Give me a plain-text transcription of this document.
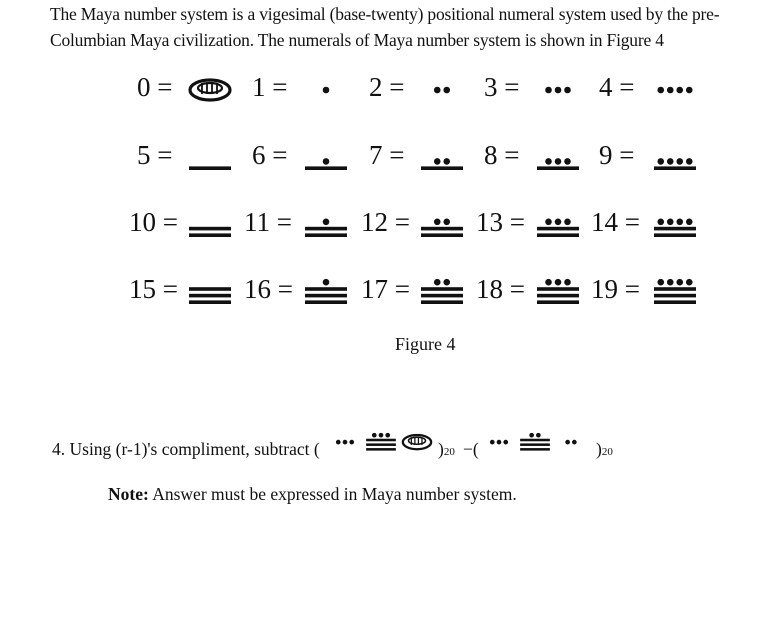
The Maya number system is a vigesimal (base-twenty) positional numeral system used by the pre-
Columbian Maya civilization. The numerals of Maya number system is shown in Figure 4
0 =	1 =	2 =	3 =	4 =
5 =	6 =	7 =	8 =	9 =
10 = 11 =	12 = 13 = 14 =
15 = 16 =	17 = 18 = 19 =
Figure 4
4. Using (r-1)'s compliment, subtract (	)20 −(	)20
Note: Answer must be expressed in Maya number system.
